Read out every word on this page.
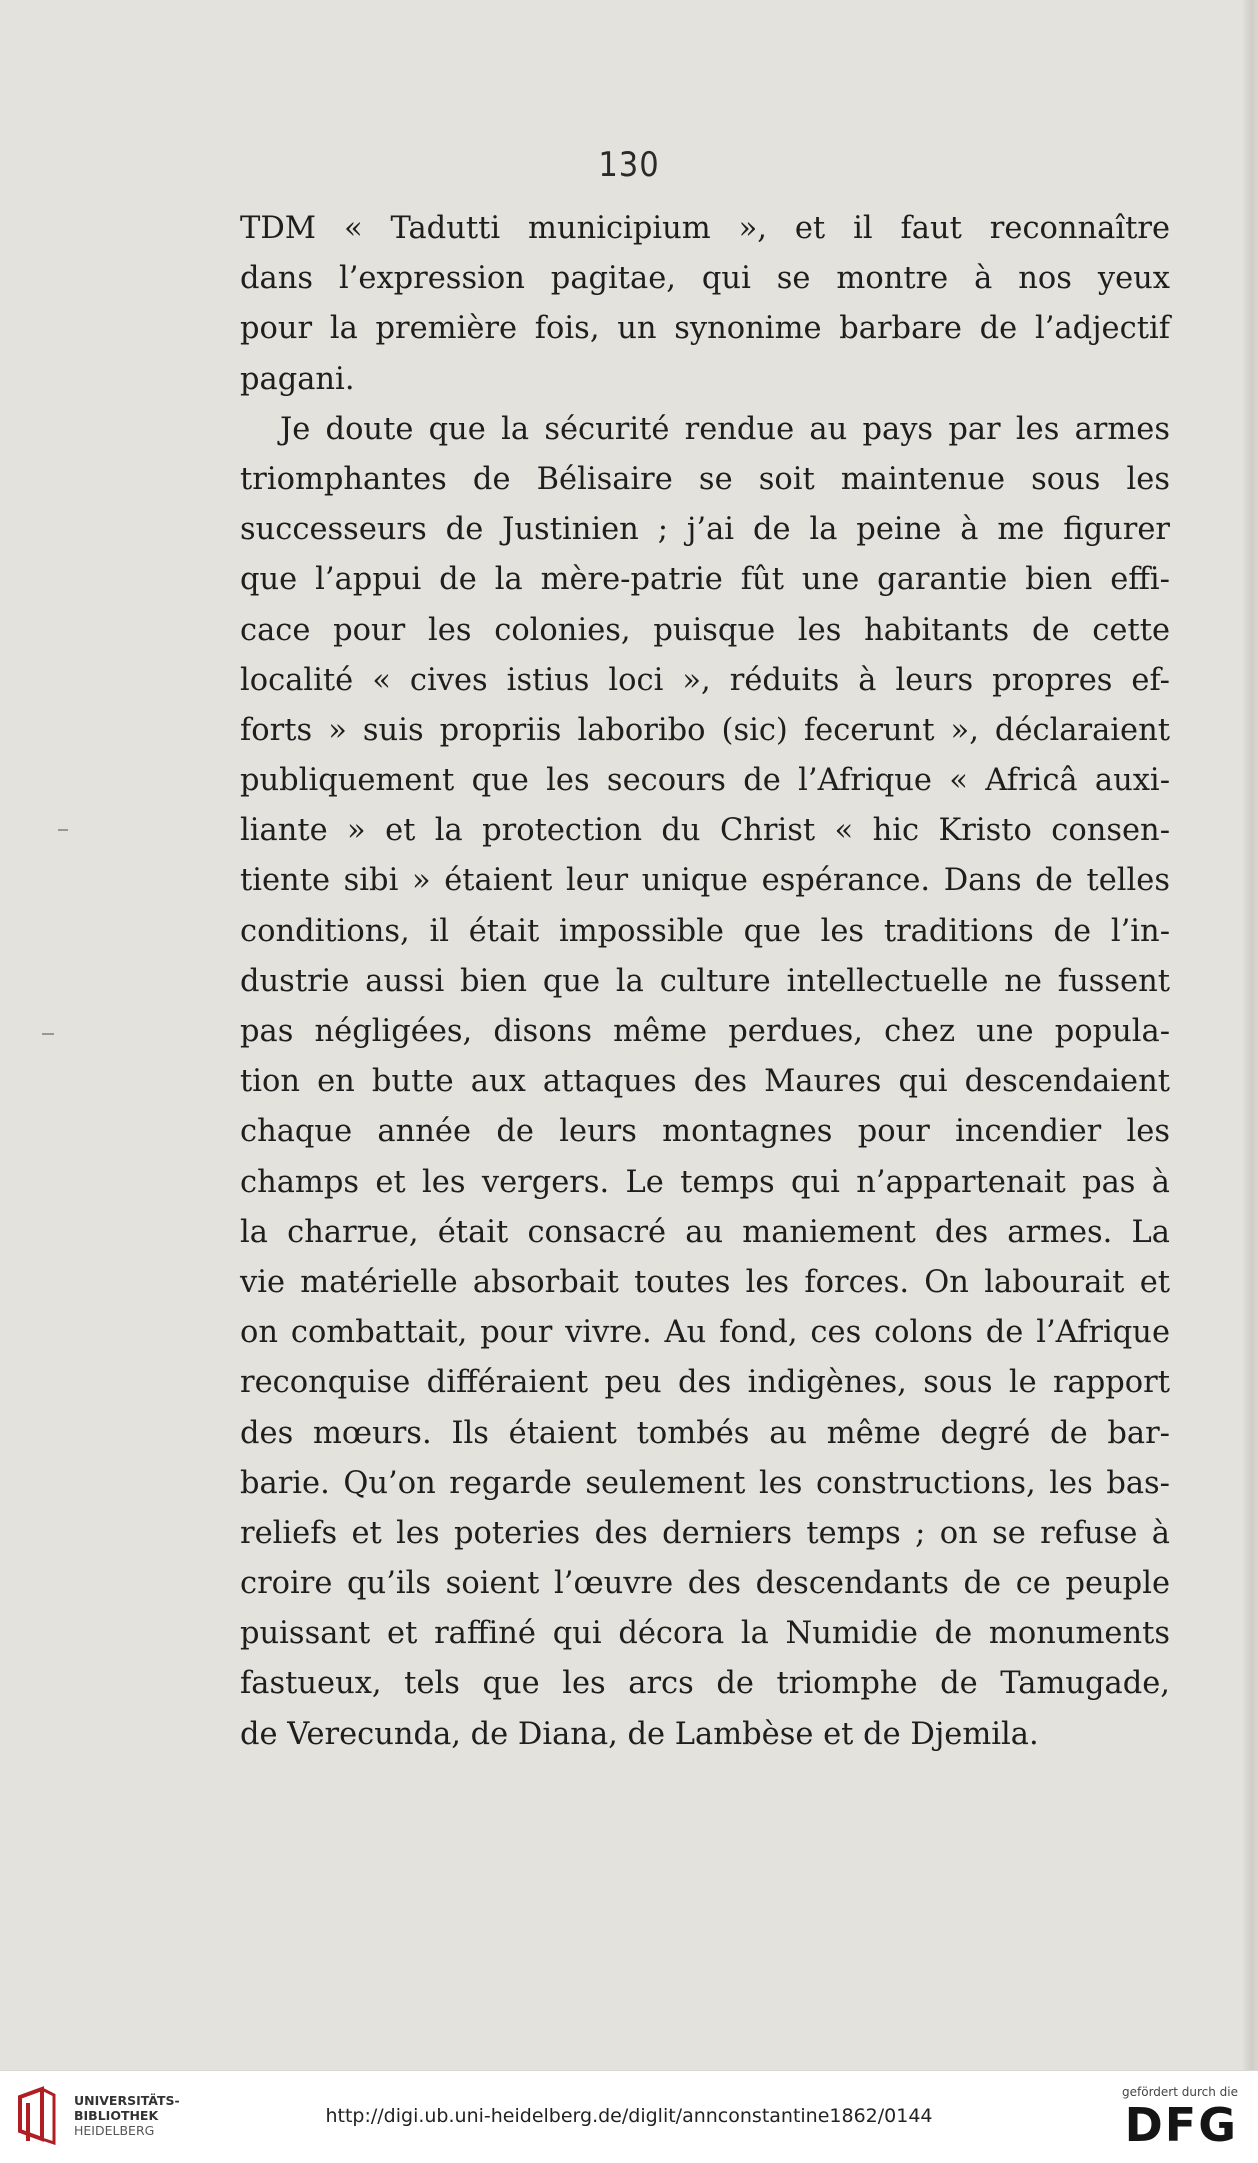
130
TDM « Tadutti municipium », et il faut reconnaître
dans l’expression pagitae, qui se montre à nos yeux
pour la première fois, un synonime barbare de l’adjectif
pagani.
Je doute que la sécurité rendue au pays par les armes
triomphantes de Bélisaire se soit maintenue sous les
successeurs de Justinien ; j’ai de la peine à me figurer
que l’appui de la mère-patrie fût une garantie bien effi-
cace pour les colonies, puisque les habitants de cette
localité « cives istius loci », réduits à leurs propres ef-
forts » suis propriis laboribo (sic) fecerunt », déclaraient
publiquement que les secours de l’Afrique « Africâ auxi-
liante » et la protection du Christ « hic Kristo consen-
tiente sibi » étaient leur unique espérance. Dans de telles
conditions, il était impossible que les traditions de l’in-
dustrie aussi bien que la culture intellectuelle ne fussent
pas négligées, disons même perdues, chez une popula-
tion en butte aux attaques des Maures qui descendaient
chaque année de leurs montagnes pour incendier les
champs et les vergers. Le temps qui n’appartenait pas à
la charrue, était consacré au maniement des armes. La
vie matérielle absorbait toutes les forces. On labourait et
on combattait, pour vivre. Au fond, ces colons de l’Afrique
reconquise différaient peu des indigènes, sous le rapport
des mœurs. Ils étaient tombés au même degré de bar-
barie. Qu’on regarde seulement les constructions, les bas-
reliefs et les poteries des derniers temps ; on se refuse à
croire qu’ils soient l’œuvre des descendants de ce peuple
puissant et raffiné qui décora la Numidie de monuments
fastueux, tels que les arcs de triomphe de Tamugade,
de Verecunda, de Diana, de Lambèse et de Djemila.
UNIVERSITÄTS-
BIBLIOTHEK
HEIDELBERG
http://digi.ub.uni-heidelberg.de/diglit/annconstantine1862/0144
gefördert durch die
DFG
